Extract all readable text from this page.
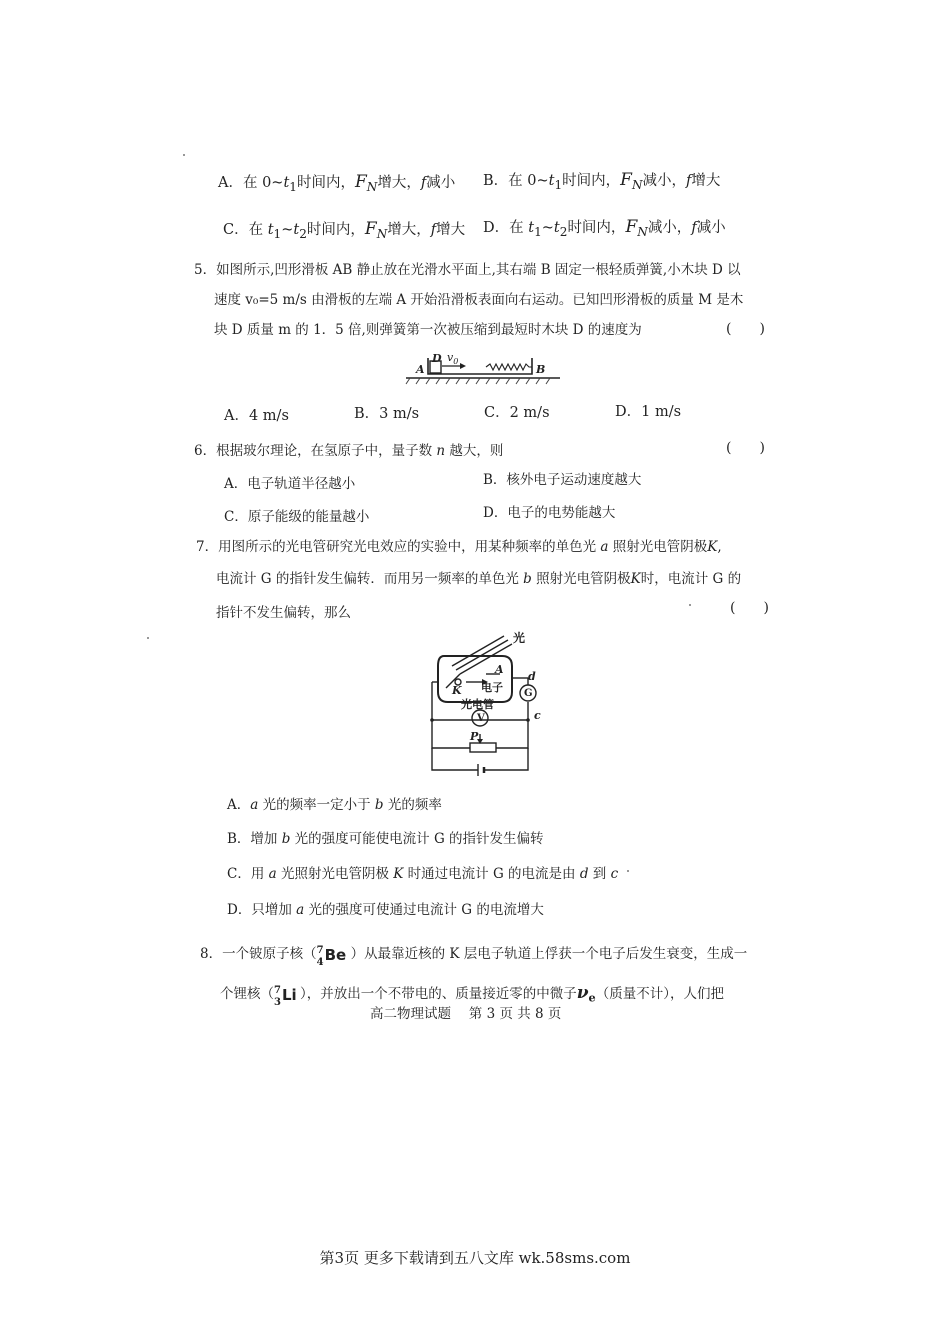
A．在 $0\sim t_1$时间内，$F_N$增大，f减小 B．在 $0\sim t_1$时间内，$F_N$减小，f增大
C．在 $t_1\sim t_2$时间内，$F_N$增大，f增大 D．在 $t_1\sim t_2$时间内，$F_N$减小，f减小
5．如图所示,凹形滑板 AB 静止放在光滑水平面上,其右端 B 固定一根轻质弹簧,小木块 D 以
速度 v₀=5 m/s 由滑板的左端 A 开始沿滑板表面向右运动。已知凹形滑板的质量 M 是木
块 D 质量 m 的 1．5 倍,则弹簧第一次被压缩到最短时木块 D 的速度为	(　　)
A
D $v_0$
B
A．4 m/s	B．3 m/s	C．2 m/s	D．1 m/s
6．根据玻尔理论，在氢原子中，量子数 n 越大，则	(　　)
A．电子轨道半径越小	B．核外电子运动速度越大
C．原子能级的能量越小	D．电子的电势能越大
7．用图所示的光电管研究光电效应的实验中，用某种频率的单色光 a 照射光电管阴极K,
电流计 G 的指针发生偏转．而用另一频率的单色光 b 照射光电管阴极K时，电流计 G 的
指针不发生偏转，那么	(　　)
光
A
K 电子
光电管
G
V
d
c
P
A．a 光的频率一定小于 b 光的频率
B．增加 b 光的强度可能使电流计 G 的指针发生偏转
C．用 a 光照射光电管阴极 K 时通过电流计 G 的电流是由 d 到 c
D．只增加 a 光的强度可使通过电流计 G 的电流增大
8．一个铍原子核（ 7
4 Be ）从最靠近核的 K 层电子轨道上俘获一个电子后发生衰变，生成一
个锂核（ 7
3 Li ），并放出一个不带电的、质量接近零的中微子$\nu_e$（质量不计），人们把
高二物理试题　 第 3 页 共 8 页
第3页 更多下载请到五八文库 wk.58sms.com
